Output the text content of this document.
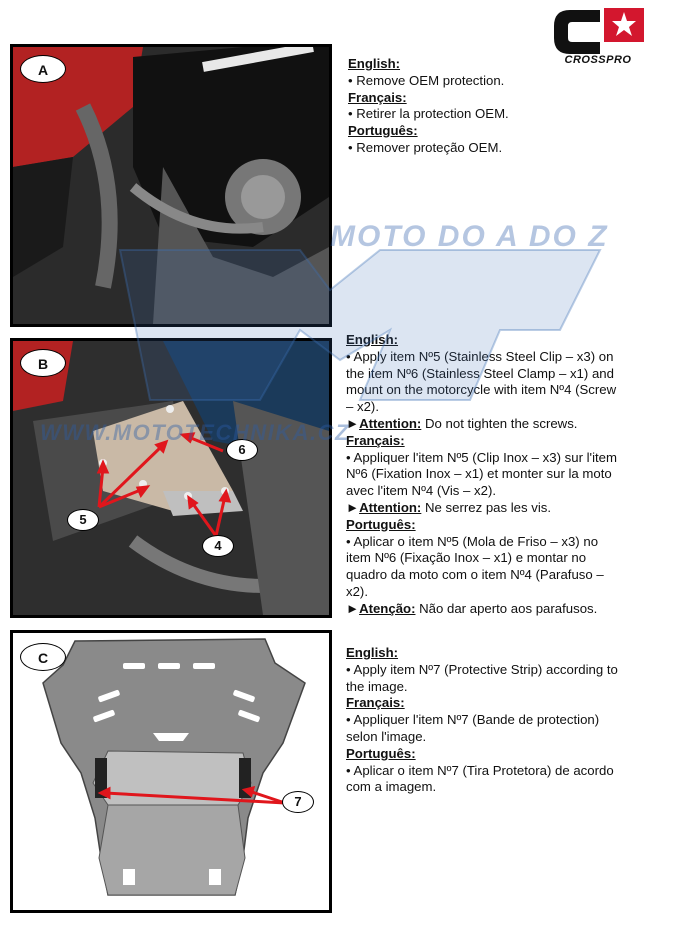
CROSSPRO
A
B
6
5
4
C
7
English:
• Remove OEM protection.
Français:
• Retirer la protection OEM.
Português:
• Remover proteção OEM.
English:
• Apply item Nº5 (Stainless Steel Clip – x3) on
the item Nº6 (Stainless Steel Clamp – x1) and
mount on the motorcycle with item Nº4 (Screw
– x2).
►Attention: Do not tighten the screws.
Français:
• Appliquer l'item Nº5 (Clip Inox – x3) sur l'item
Nº6 (Fixation Inox – x1) et monter sur la moto
avec l'item Nº4 (Vis – x2).
►Attention: Ne serrez pas les vis.
Português:
• Aplicar o item Nº5 (Mola de Friso – x3) no
item Nº6 (Fixação Inox – x1) e montar no
quadro da moto com o item Nº4 (Parafuso –
x2).
►Atenção: Não dar aperto aos parafusos.
English:
• Apply item Nº7 (Protective Strip) according to
the image.
Français:
• Appliquer l'item Nº7 (Bande de protection)
selon l'image.
Português:
• Aplicar o item Nº7 (Tira Protetora) de acordo
com a imagem.
MOTO DO A DO Z
WWW.MOTOTECHNIKA.CZ
